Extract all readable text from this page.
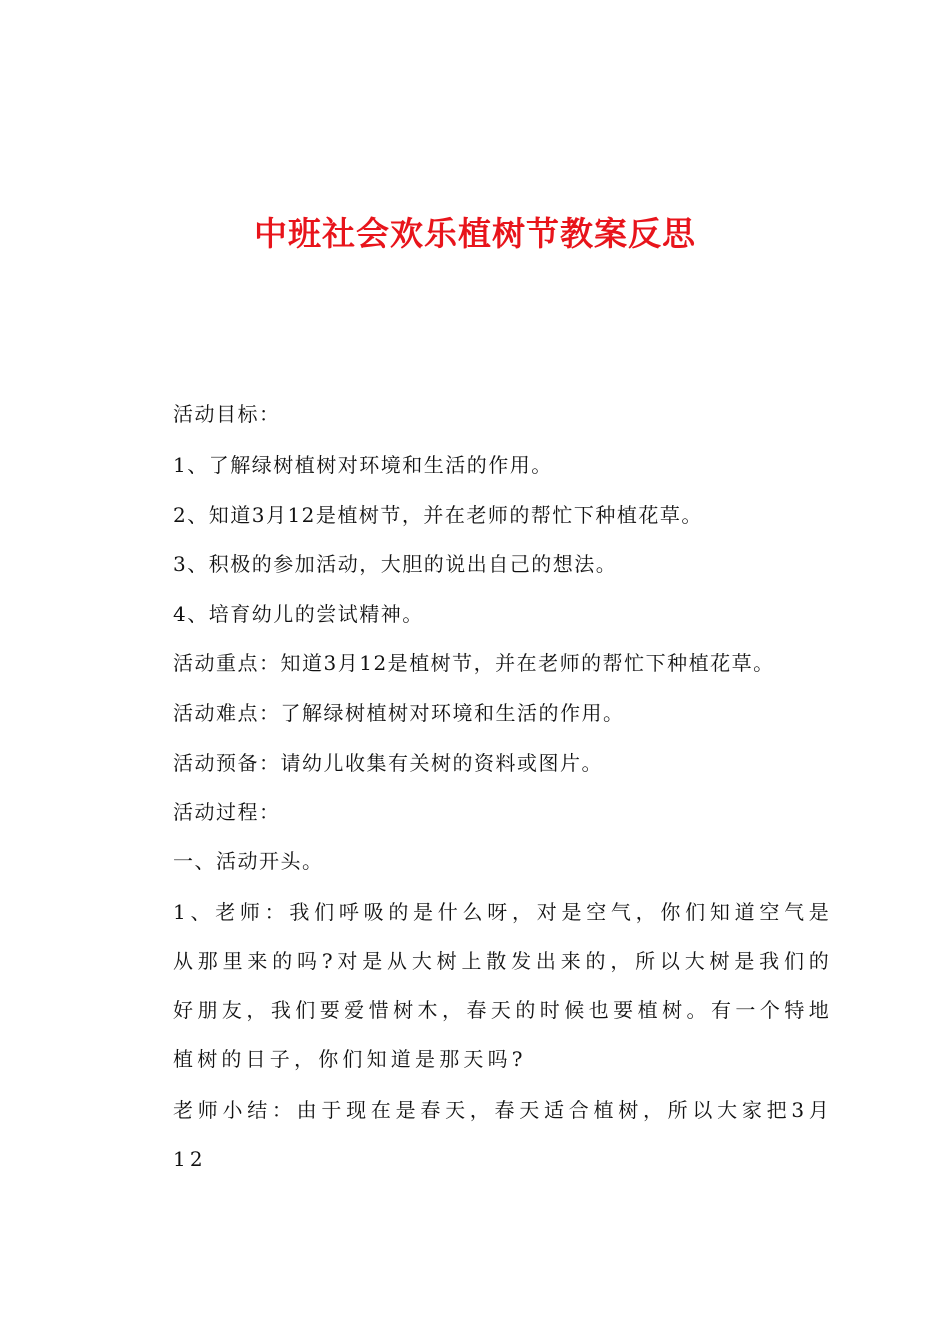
中班社会欢乐植树节教案反思
活动目标：
1、了解绿树植树对环境和生活的作用。
2、知道3月12是植树节，并在老师的帮忙下种植花草。
3、积极的参加活动，大胆的说出自己的想法。
4、培育幼儿的尝试精神。
活动重点：知道3月12是植树节，并在老师的帮忙下种植花草。
活动难点：了解绿树植树对环境和生活的作用。
活动预备：请幼儿收集有关树的资料或图片。
活动过程：
一、活动开头。
1、老师：我们呼吸的是什么呀，对是空气，你们知道空气是从那里来的吗?对是从大树上散发出来的，所以大树是我们的好朋友，我们要爱惜树木，春天的时候也要植树。有一个特地植树的日子，你们知道是那天吗?
老师小结：由于现在是春天，春天适合植树，所以大家把3月12
